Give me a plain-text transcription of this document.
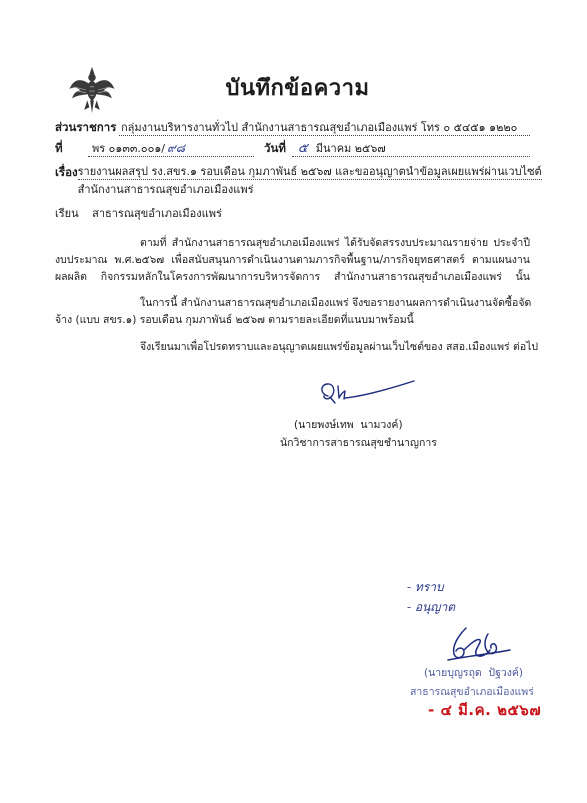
บันทึกข้อความ
ส่วนราชการ กลุ่มงานบริหารงานทั่วไป สำนักงานสาธารณสุขอำเภอเมืองแพร่ โทร ๐ ๕๔๕๑ ๑๒๒๐
ที่	พร ๐๑๓๓.๐๐๑/ ๙๘	วันที่ ๕ มีนาคม ๒๕๖๗
เรื่อง รายงานผลสรุป รง.สขร.๑ รอบเดือน กุมภาพันธ์ ๒๕๖๗ และขออนุญาตนำข้อมูลเผยแพร่ผ่านเวบไซต์
สำนักงานสาธารณสุขอำเภอเมืองแพร่
เรียน สาธารณสุขอำเภอเมืองแพร่
ตามที่ สำนักงานสาธารณสุขอำเภอเมืองแพร่ ได้รับจัดสรรงบประมาณรายจ่าย ประจำปี
งบประมาณ พ.ศ.๒๕๖๗ เพื่อสนับสนุนการดำเนินงานตามภารกิจพื้นฐาน/ภารกิจยุทธศาสตร์ ตามแผนงาน
ผลผลิต กิจกรรมหลักในโครงการพัฒนาการบริหารจัดการ สำนักงานสาธารณสุขอำเภอเมืองแพร่ นั้น
ในการนี้ สำนักงานสาธารณสุขอำเภอเมืองแพร่ จึงขอรายงานผลการดำเนินงานจัดซื้อจัด
จ้าง (แบบ สขร.๑) รอบเดือน กุมภาพันธ์ ๒๕๖๗ ตามรายละเอียดที่แนบมาพร้อมนี้
จึงเรียนมาเพื่อโปรดทราบและอนุญาตเผยแพร่ข้อมูลผ่านเว็บไซต์ของ สสอ.เมืองแพร่ ต่อไป
(นายพงษ์เทพ  นามวงค์)
นักวิชาการสาธารณสุขชำนาญการ
- ทราบ
- อนุญาต
(นายบุญรถุด  ปัฐวงค์)
สาธารณสุขอำเภอเมืองแพร่
- ๔ มี.ค. ๒๕๖๗
